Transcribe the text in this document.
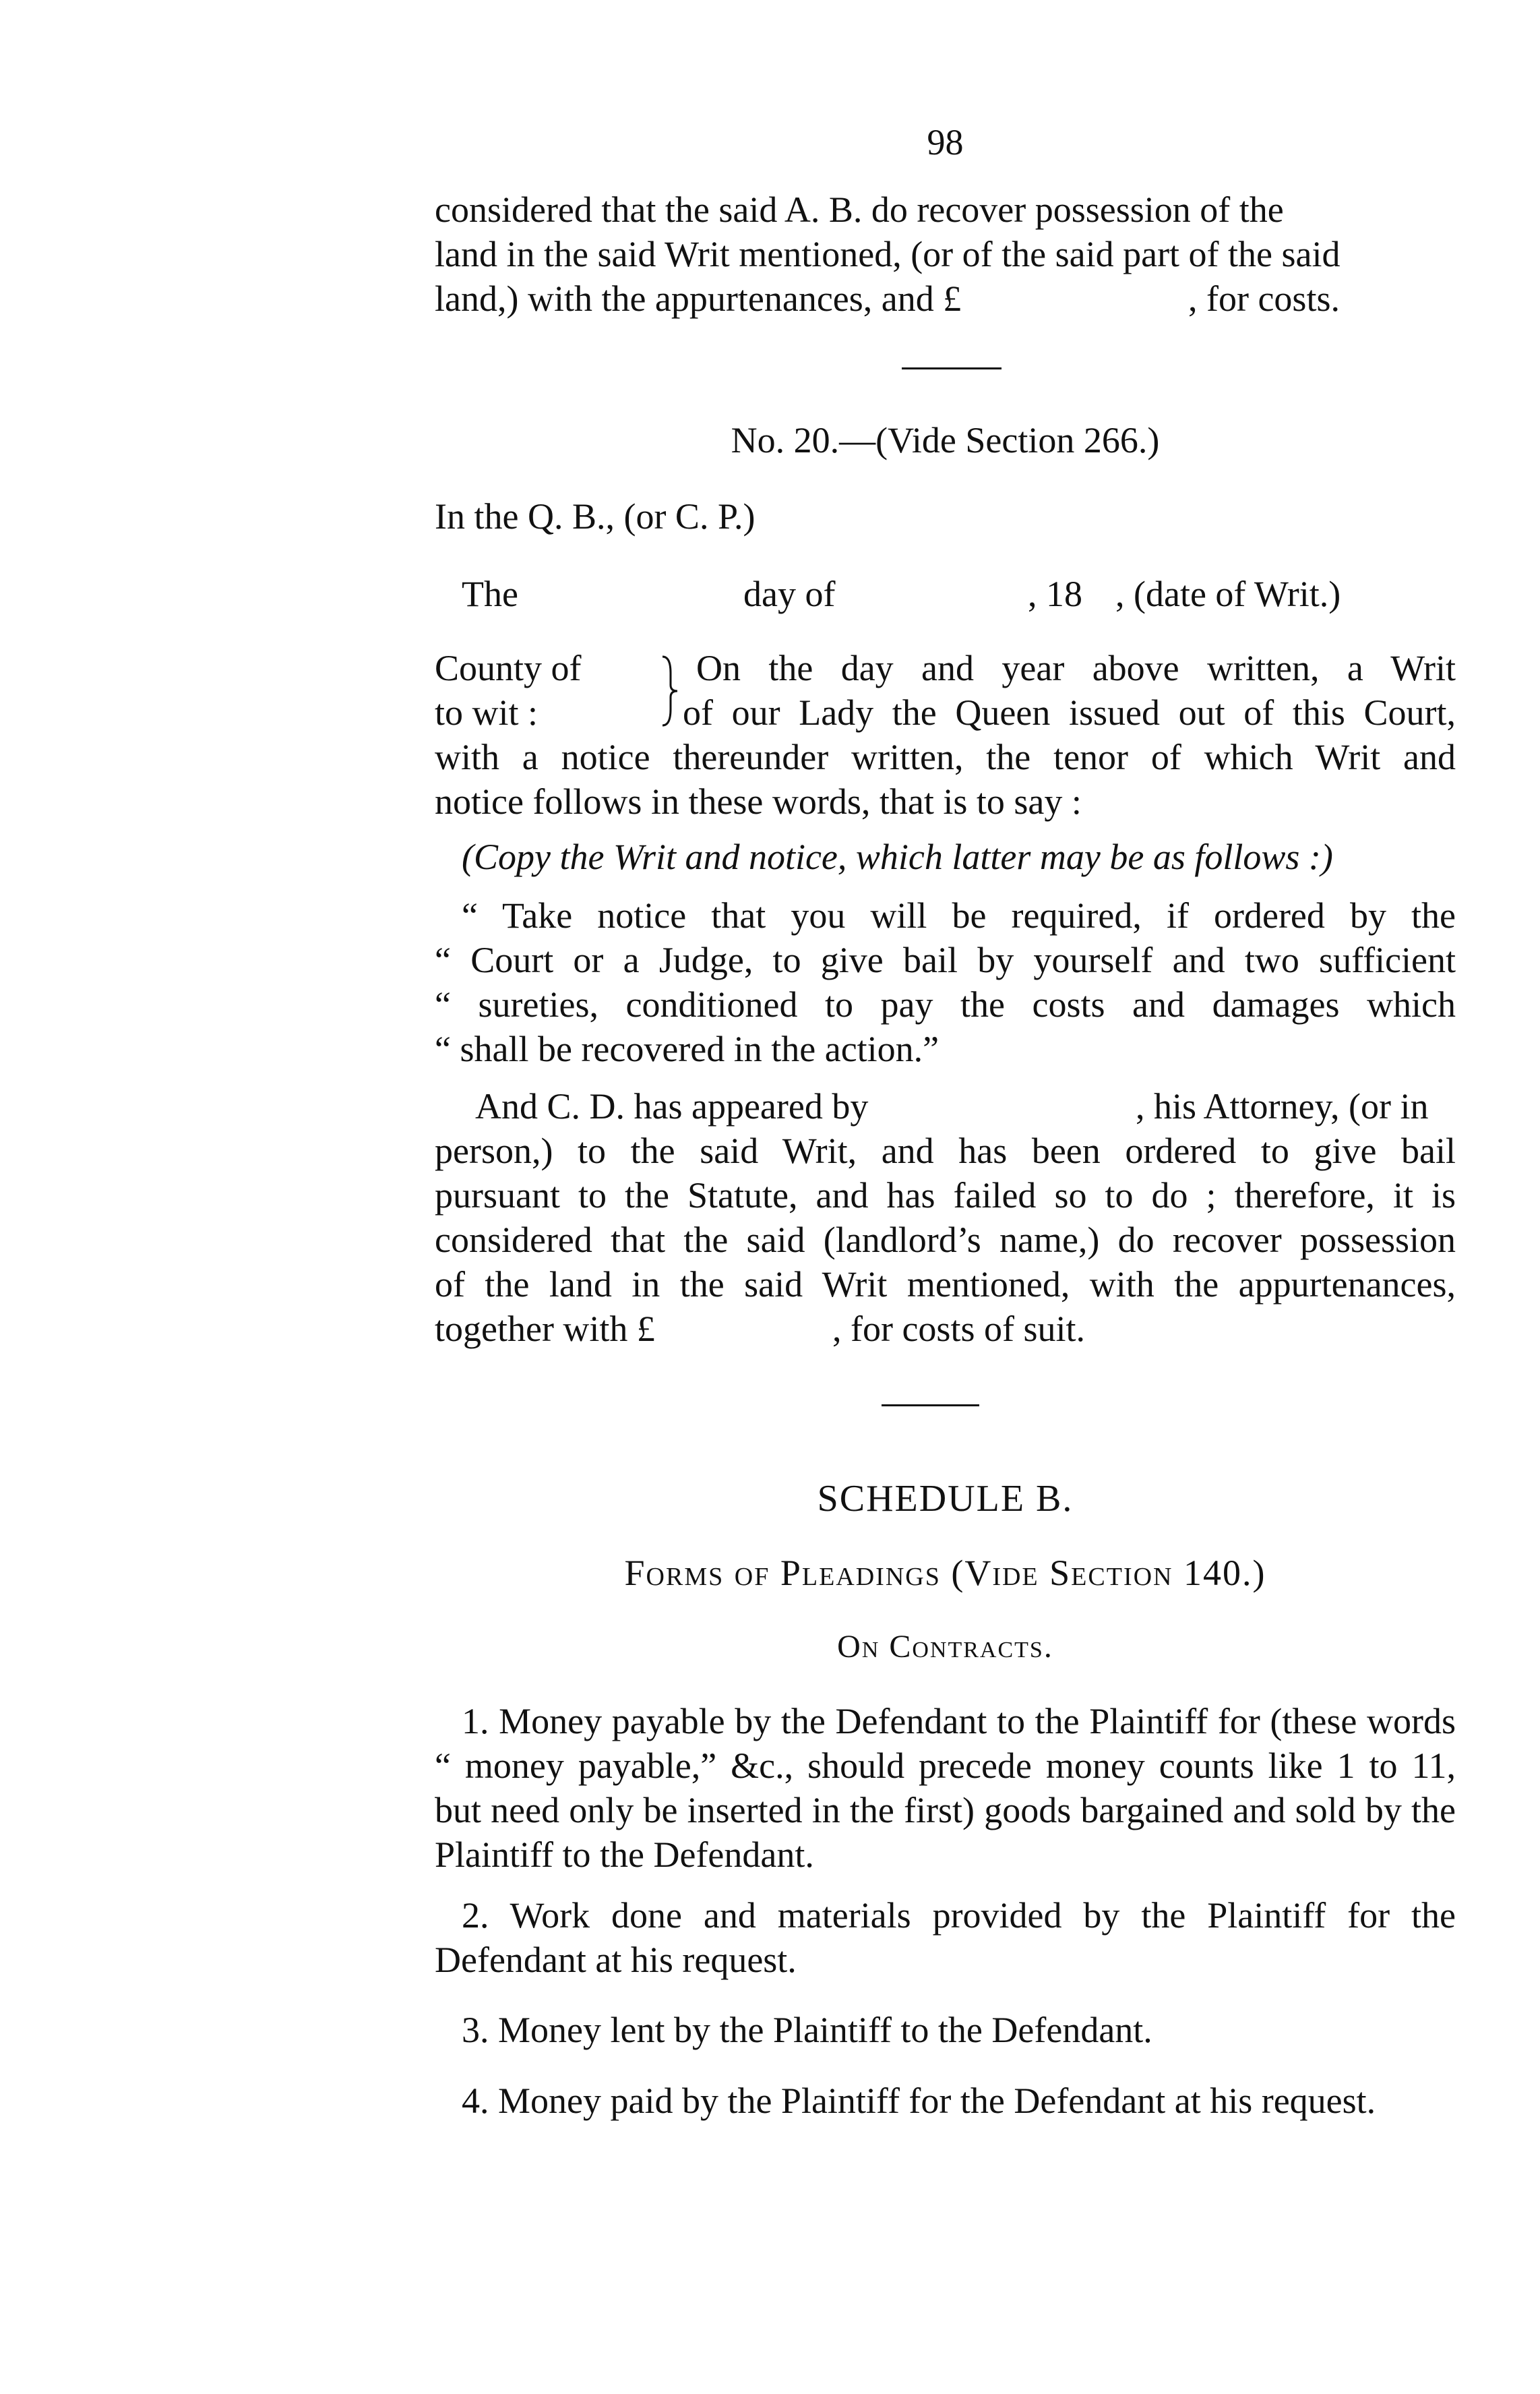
98
considered that the said A. B. do recover possession of the
land in the said Writ mentioned, (or of the said part of the said
land,) with the appurtenances, and £	, for costs.
No. 20.—(Vide Section 266.)
In the Q. B., (or C. P.)
The	day of	, 18 , (date of Writ.)
County of
to wit :
On the day and year above written, a Writ
of our Lady the Queen issued out of this Court,
with a notice thereunder written, the tenor of which Writ and
notice follows in these words, that is to say :
(Copy the Writ and notice, which latter may be as follows :)
“ Take notice that you will be required, if ordered by the
“ Court or a Judge, to give bail by yourself and two sufficient
“ sureties, conditioned to pay the costs and damages which
“ shall be recovered in the action.”
And C. D. has appeared by	, his Attorney, (or in
person,) to the said Writ, and has been ordered to give bail
pursuant to the Statute, and has failed so to do ; therefore, it is
considered that the said (landlord’s name,) do recover possession
of the land in the said Writ mentioned, with the appurtenances,
together with £	, for costs of suit.
SCHEDULE B.
Forms of Pleadings (Vide Section 140.)
On Contracts.
1. Money payable by the Defendant to the Plaintiff for (these words “ money payable,” &c., should precede money counts like 1 to 11, but need only be inserted in the first) goods bargained and sold by the Plaintiff to the Defendant.
2. Work done and materials provided by the Plaintiff for the Defendant at his request.
3. Money lent by the Plaintiff to the Defendant.
4. Money paid by the Plaintiff for the Defendant at his request.
